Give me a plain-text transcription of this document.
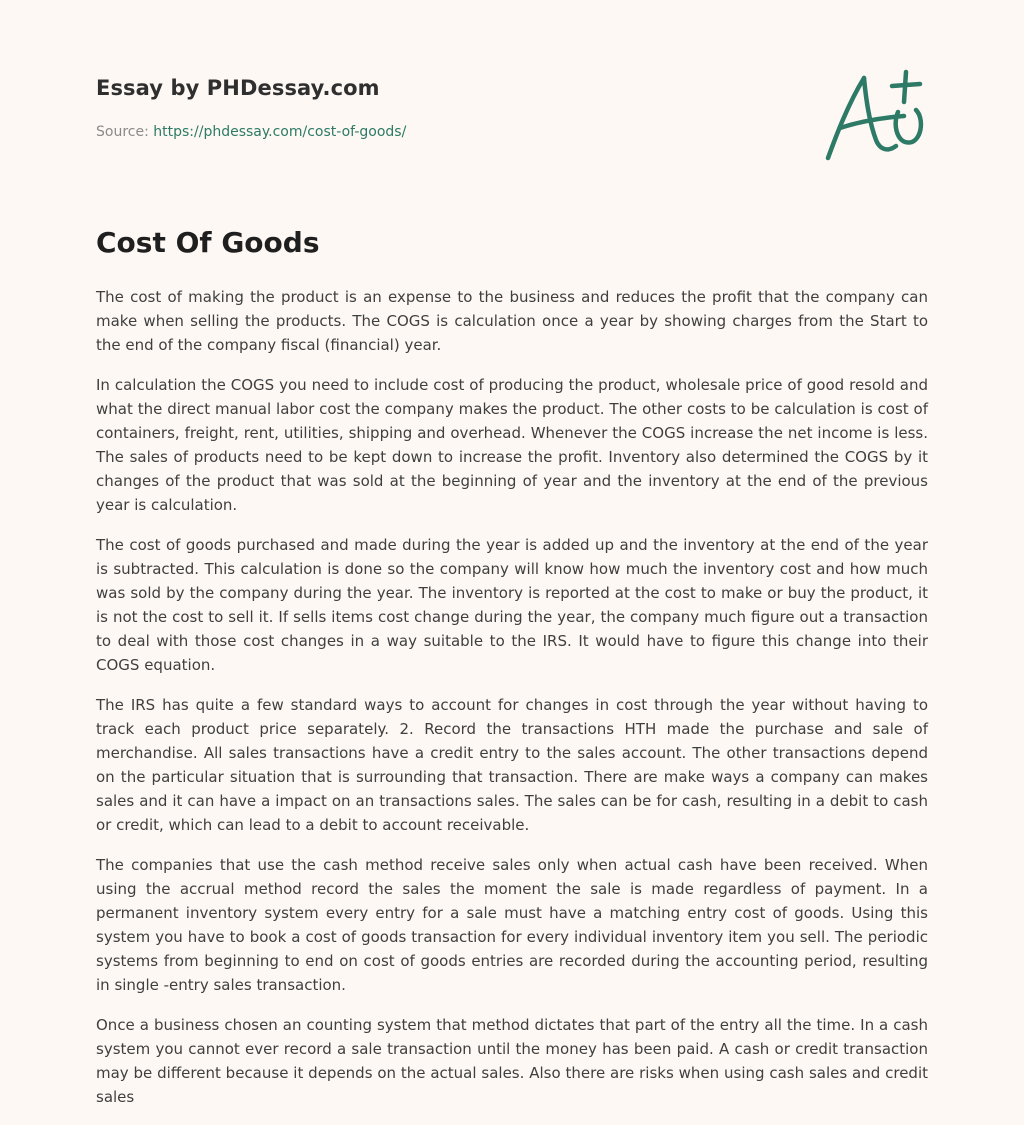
Essay by PHDessay.com
Source: https://phdessay.com/cost-of-goods/
Cost Of Goods

The cost of making the product is an expense to the business and reduces the profit that the company can make when selling the products. The COGS is calculation once a year by showing charges from the Start to the end of the company fiscal (financial) year.

In calculation the COGS you need to include cost of producing the product, wholesale price of good resold and what the direct manual labor cost the company makes the product. The other costs to be calculation is cost of containers, freight, rent, utilities, shipping and overhead. Whenever the COGS increase the net income is less. The sales of products need to be kept down to increase the profit. Inventory also determined the COGS by it changes of the product that was sold at the beginning of year and the inventory at the end of the previous year is calculation.

The cost of goods purchased and made during the year is added up and the inventory at the end of the year is subtracted. This calculation is done so the company will know how much the inventory cost and how much was sold by the company during the year. The inventory is reported at the cost to make or buy the product, it is not the cost to sell it. If sells items cost change during the year, the company much figure out a transaction to deal with those cost changes in a way suitable to the IRS. It would have to figure this change into their COGS equation.

The IRS has quite a few standard ways to account for changes in cost through the year without having to track each product price separately. 2. Record the transactions HTH made the purchase and sale of merchandise. All sales transactions have a credit entry to the sales account. The other transactions depend on the particular situation that is surrounding that transaction. There are make ways a company can makes sales and it can have a impact on an transactions sales. The sales can be for cash, resulting in a debit to cash or credit, which can lead to a debit to account receivable.

The companies that use the cash method receive sales only when actual cash have been received. When using the accrual method record the sales the moment the sale is made regardless of payment. In a permanent inventory system every entry for a sale must have a matching entry cost of goods. Using this system you have to book a cost of goods transaction for every individual inventory item you sell. The periodic systems from beginning to end on cost of goods entries are recorded during the accounting period, resulting in single -entry sales transaction.

Once a business chosen an counting system that method dictates that part of the entry all the time. In a cash system you cannot ever record a sale transaction until the money has been paid. A cash or credit transaction may be different because it depends on the actual sales. Also there are risks when using cash sales and credit sales
